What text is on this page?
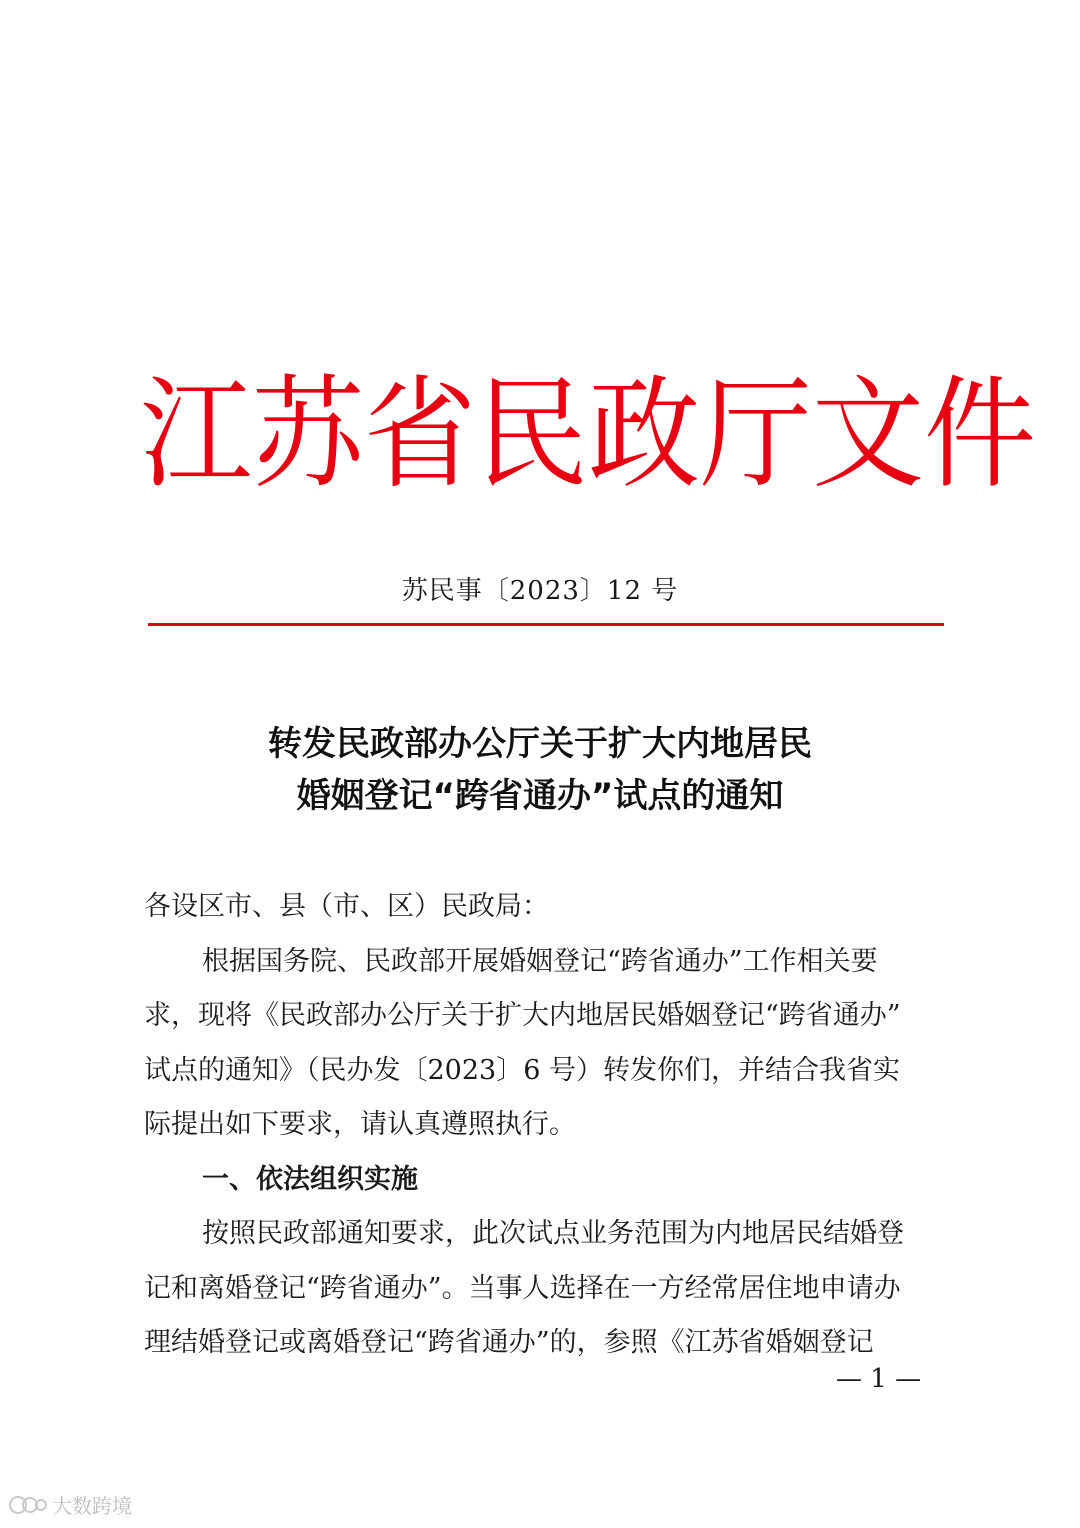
江 苏 省 民 政 厅 文 件
苏民事〔2023〕12 号
转发民政部办公厅关于扩大内地居民
婚姻登记“跨省通办”试点的通知

各设区市、县（市、区）民政局：

根据国务院、民政部开展婚姻登记“跨省通办”工作相关要
求，现将《民政部办公厅关于扩大内地居民婚姻登记“跨省通办”
试点的通知》（民办发〔2023〕6 号）转发你们，并结合我省实
际提出如下要求，请认真遵照执行。

一、依法组织实施

按照民政部通知要求，此次试点业务范围为内地居民结婚登
记和离婚登记“跨省通办”。当事人选择在一方经常居住地申请办
理结婚登记或离婚登记“跨省通办”的，参照《江苏省婚姻登记

— 1 —
大数跨境
